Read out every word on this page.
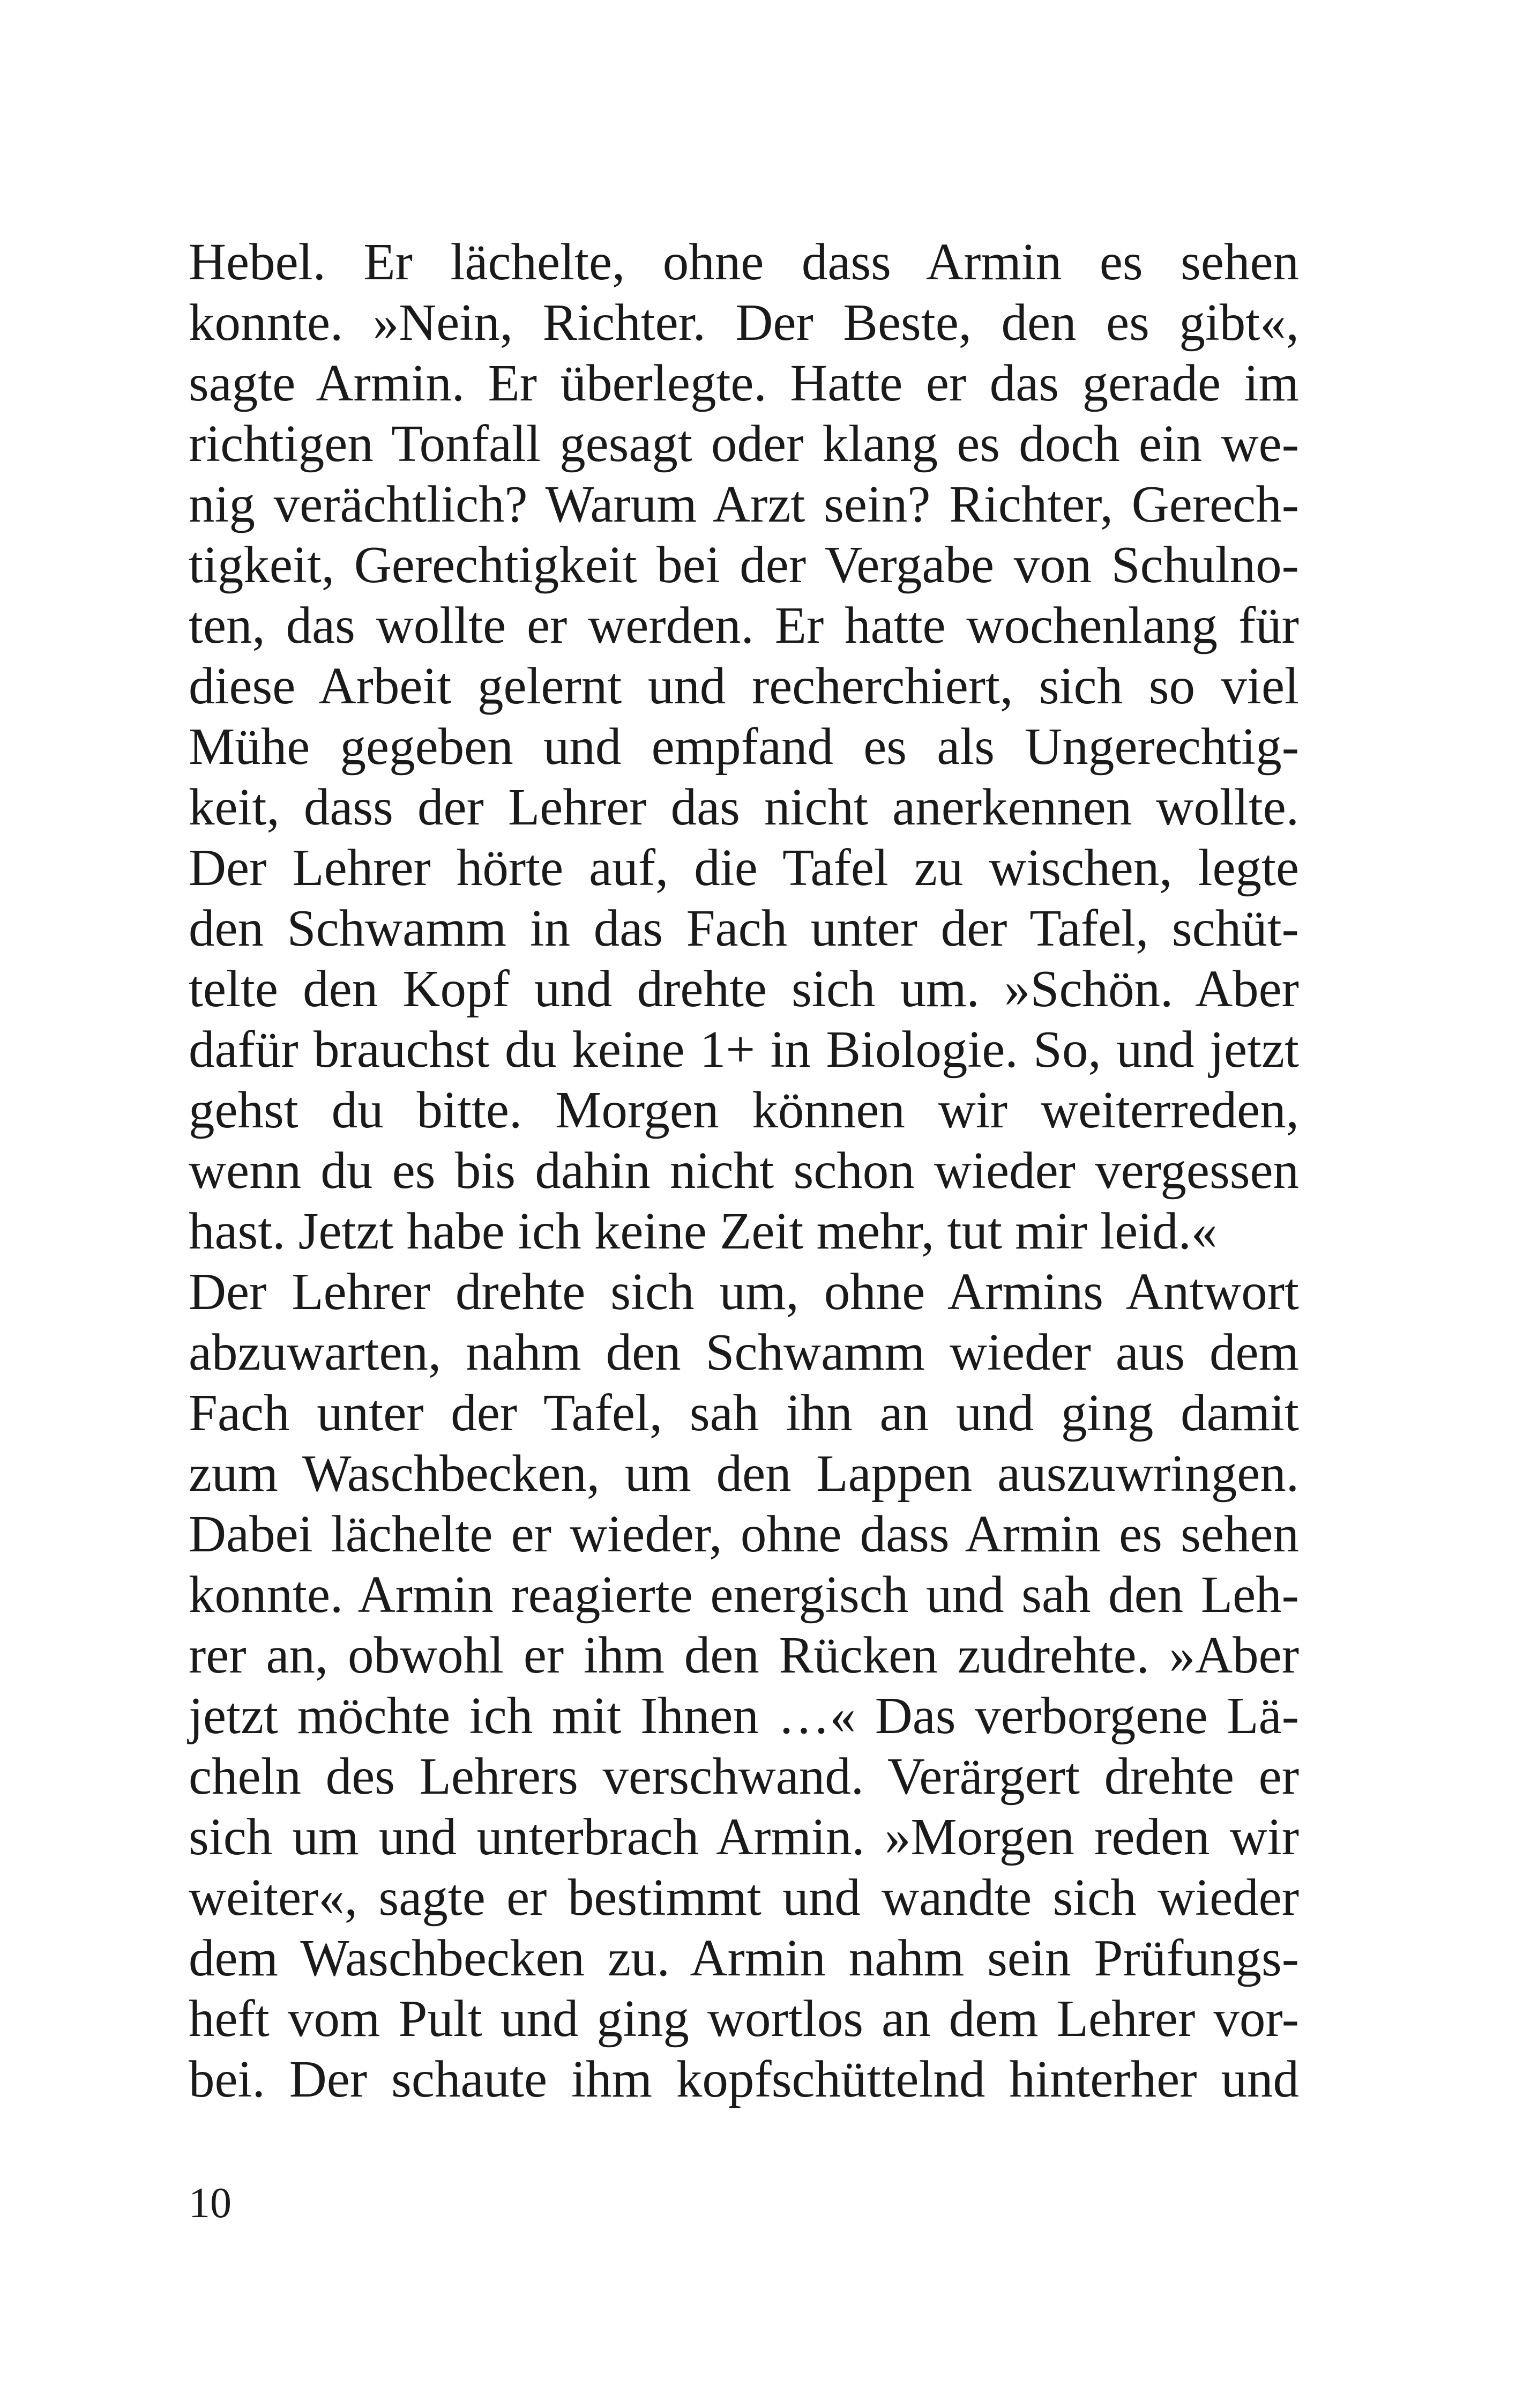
Hebel. Er lächelte, ohne dass Armin es sehen
konnte. »Nein, Richter. Der Beste, den es gibt«,
sagte Armin. Er überlegte. Hatte er das gerade im
richtigen Tonfall gesagt oder klang es doch ein we-
nig verächtlich? Warum Arzt sein? Richter, Gerech-
tigkeit, Gerechtigkeit bei der Vergabe von Schulno-
ten, das wollte er werden. Er hatte wochenlang für
diese Arbeit gelernt und recherchiert, sich so viel
Mühe gegeben und empfand es als Ungerechtig-
keit, dass der Lehrer das nicht anerkennen wollte.
Der Lehrer hörte auf, die Tafel zu wischen, legte
den Schwamm in das Fach unter der Tafel, schüt-
telte den Kopf und drehte sich um. »Schön. Aber
dafür brauchst du keine 1+ in Biologie. So, und jetzt
gehst du bitte. Morgen können wir weiterreden,
wenn du es bis dahin nicht schon wieder vergessen
hast. Jetzt habe ich keine Zeit mehr, tut mir leid.«
Der Lehrer drehte sich um, ohne Armins Antwort
abzuwarten, nahm den Schwamm wieder aus dem
Fach unter der Tafel, sah ihn an und ging damit
zum Waschbecken, um den Lappen auszuwringen.
Dabei lächelte er wieder, ohne dass Armin es sehen
konnte. Armin reagierte energisch und sah den Leh-
rer an, obwohl er ihm den Rücken zudrehte. »Aber
jetzt möchte ich mit Ihnen …« Das verborgene Lä-
cheln des Lehrers verschwand. Verärgert drehte er
sich um und unterbrach Armin. »Morgen reden wir
weiter«, sagte er bestimmt und wandte sich wieder
dem Waschbecken zu. Armin nahm sein Prüfungs-
heft vom Pult und ging wortlos an dem Lehrer vor-
bei. Der schaute ihm kopfschüttelnd hinterher und
10
